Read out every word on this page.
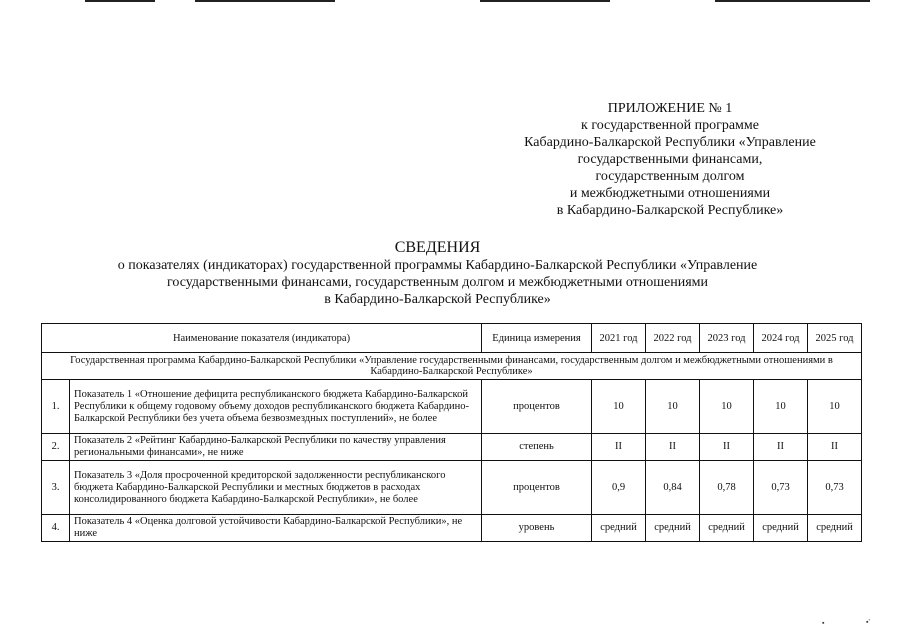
▪	▪'
ПРИЛОЖЕНИЕ № 1
к государственной программе
Кабардино-Балкарской Республики «Управление
государственными финансами,
государственным долгом
и межбюджетными отношениями
в Кабардино-Балкарской Республике»
СВЕДЕНИЯ
о показателях (индикаторах) государственной программы Кабардино-Балкарской Республики «Управление
государственными финансами, государственным долгом и межбюджетными отношениями
в Кабардино-Балкарской Республике»
Наименование показателя (индикатора)		Единица измерения	2021 год	2022 год	2023 год	2024 год	2025 год
Государственная программа Кабардино-Балкарской Республики «Управление государственными финансами, государственным долгом и межбюджетными отношениями в Кабардино-Балкарской Республике»							
1.	Показатель 1 «Отношение дефицита республиканского бюджета Кабардино-Балкарской Республики к общему годовому объему доходов республиканского бюджета Кабардино-Балкарской Республики без учета объема безвозмездных поступлений», не более	процентов	10	10	10	10	10
2.	Показатель 2 «Рейтинг Кабардино-Балкарской Республики по качеству управления региональными финансами», не ниже	степень	II	II	II	II	II
3.	Показатель 3 «Доля просроченной кредиторской задолженности республиканского бюджета Кабардино-Балкарской Республики и местных бюджетов в расходах консолидированного бюджета Кабардино-Балкарской Республики», не более	процентов	0,9	0,84	0,78	0,73	0,73
4.	Показатель 4 «Оценка долговой устойчивости Кабардино-Балкарской Республики», не ниже	уровень	средний	средний	средний	средний	средний
